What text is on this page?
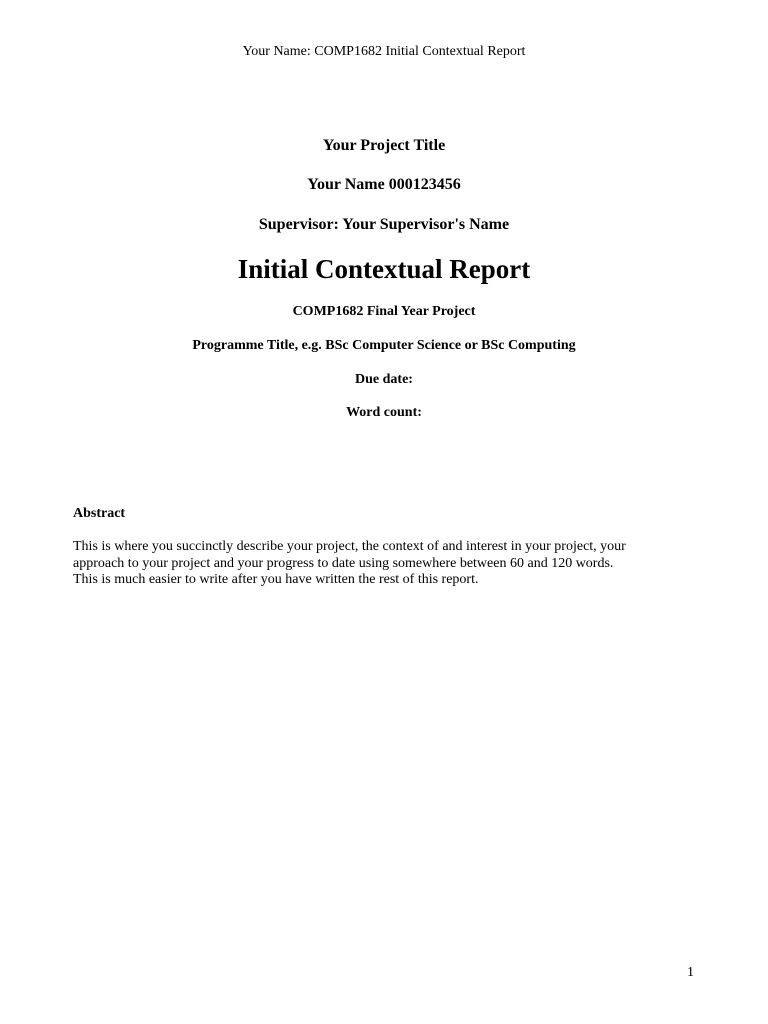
Your Name: COMP1682 Initial Contextual Report
Your Project Title
Your Name 000123456
Supervisor: Your Supervisor's Name
Initial Contextual Report
COMP1682 Final Year Project
Programme Title, e.g. BSc Computer Science or BSc Computing
Due date:
Word count:
Abstract
This is where you succinctly describe your project, the context of and interest in your project, your
approach to your project and your progress to date using somewhere between 60 and 120 words.
This is much easier to write after you have written the rest of this report.
1
